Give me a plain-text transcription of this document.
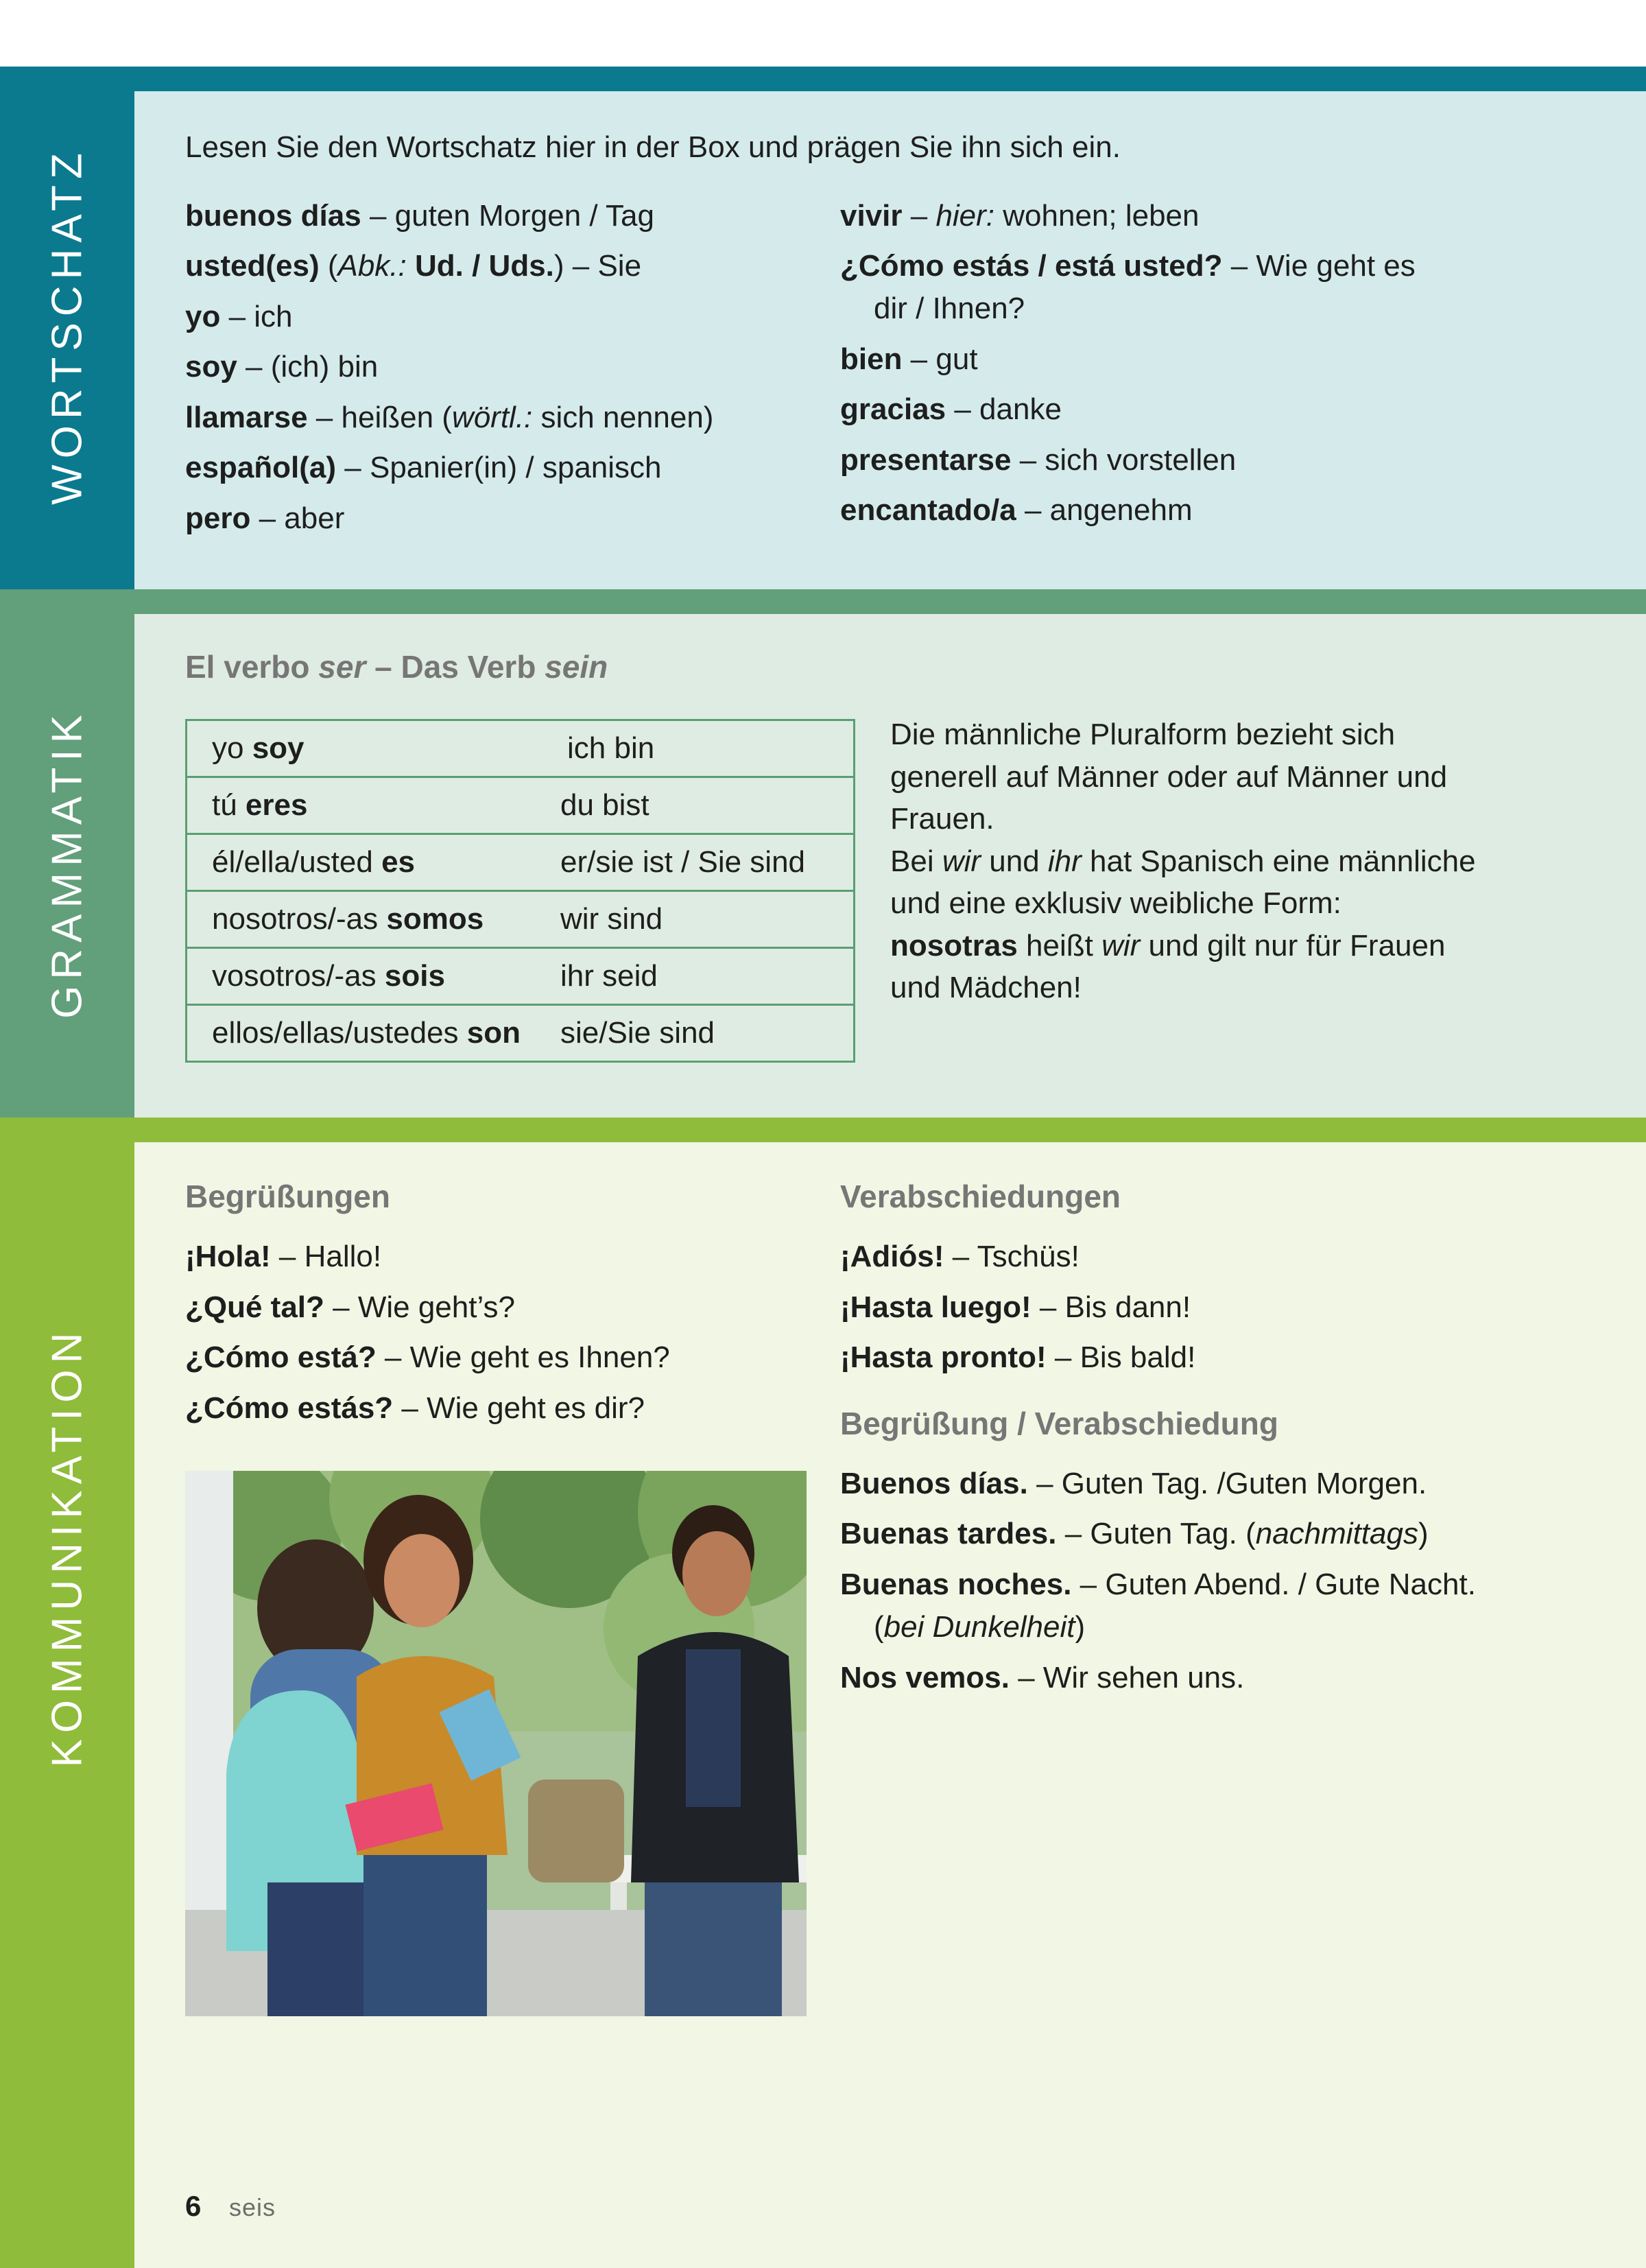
WORTSCHATZ	Lesen Sie den Wortschatz hier in der Box und prägen Sie ihn sich ein.
buenos días – guten Morgen / Tag
usted(es) (Abk.: Ud. / Uds.) – Sie
yo – ich
soy – (ich) bin
llamarse – heißen (wörtl.: sich nennen)
español(a) – Spanier(in) / spanisch
pero – aber
vivir – hier: wohnen; leben
¿Cómo estás / está usted? – Wie geht es
dir / Ihnen?
bien – gut
gracias – danke
presentarse – sich vorstellen
encantado/a – angenehm
GRAMMATIK
El verbo ser – Das Verb sein
yo soy	ich bin
tú eres	du bist
él/ella/usted es	er/sie ist / Sie sind
nosotros/-as somos	wir sind
vosotros/-as sois	ihr seid
ellos/ellas/ustedes son	sie/Sie sind
Die männliche Pluralform bezieht sich generell auf Männer oder auf Männer und Frauen.
Bei wir und ihr hat Spanisch eine männliche und eine exklusiv weibliche Form:
nosotras heißt wir und gilt nur für Frauen und Mädchen!
KOMMUNIKATION
Begrüßungen
¡Hola! – Hallo!
¿Qué tal? – Wie geht’s?
¿Cómo está? – Wie geht es Ihnen?
¿Cómo estás? – Wie geht es dir?
Verabschiedungen
¡Adiós! – Tschüs!
¡Hasta luego! – Bis dann!
¡Hasta pronto! – Bis bald!
Begrüßung / Verabschiedung
Buenos días. – Guten Tag. /Guten Morgen.
Buenas tardes. – Guten Tag. (nachmittags)
Buenas noches. – Guten Abend. / Gute Nacht.
(bei Dunkelheit)
Nos vemos. – Wir sehen uns.
6 seis
